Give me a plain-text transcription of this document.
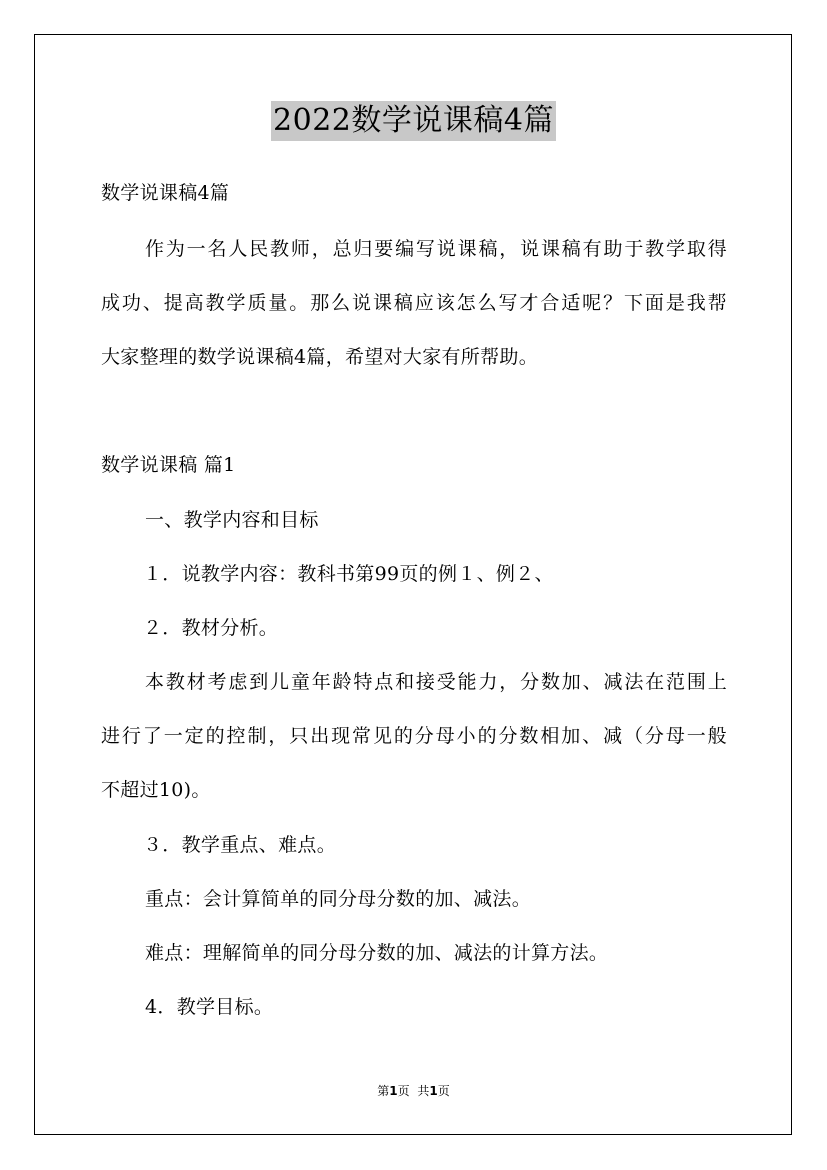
2022数学说课稿4篇
数学说课稿4篇
作为一名人民教师，总归要编写说课稿，说课稿有助于教学取得
成功、提高教学质量。那么说课稿应该怎么写才合适呢？下面是我帮
大家整理的数学说课稿4篇，希望对大家有所帮助。
数学说课稿 篇1
一、教学内容和目标
１．说教学内容：教科书第99页的例１、例２、
２．教材分析。
本教材考虑到儿童年龄特点和接受能力，分数加、减法在范围上
进行了一定的控制，只出现常见的分母小的分数相加、减（分母一般
不超过10)。
３．教学重点、难点。
重点：会计算简单的同分母分数的加、减法。
难点：理解简单的同分母分数的加、减法的计算方法。
4．教学目标。
第1页 共1页
